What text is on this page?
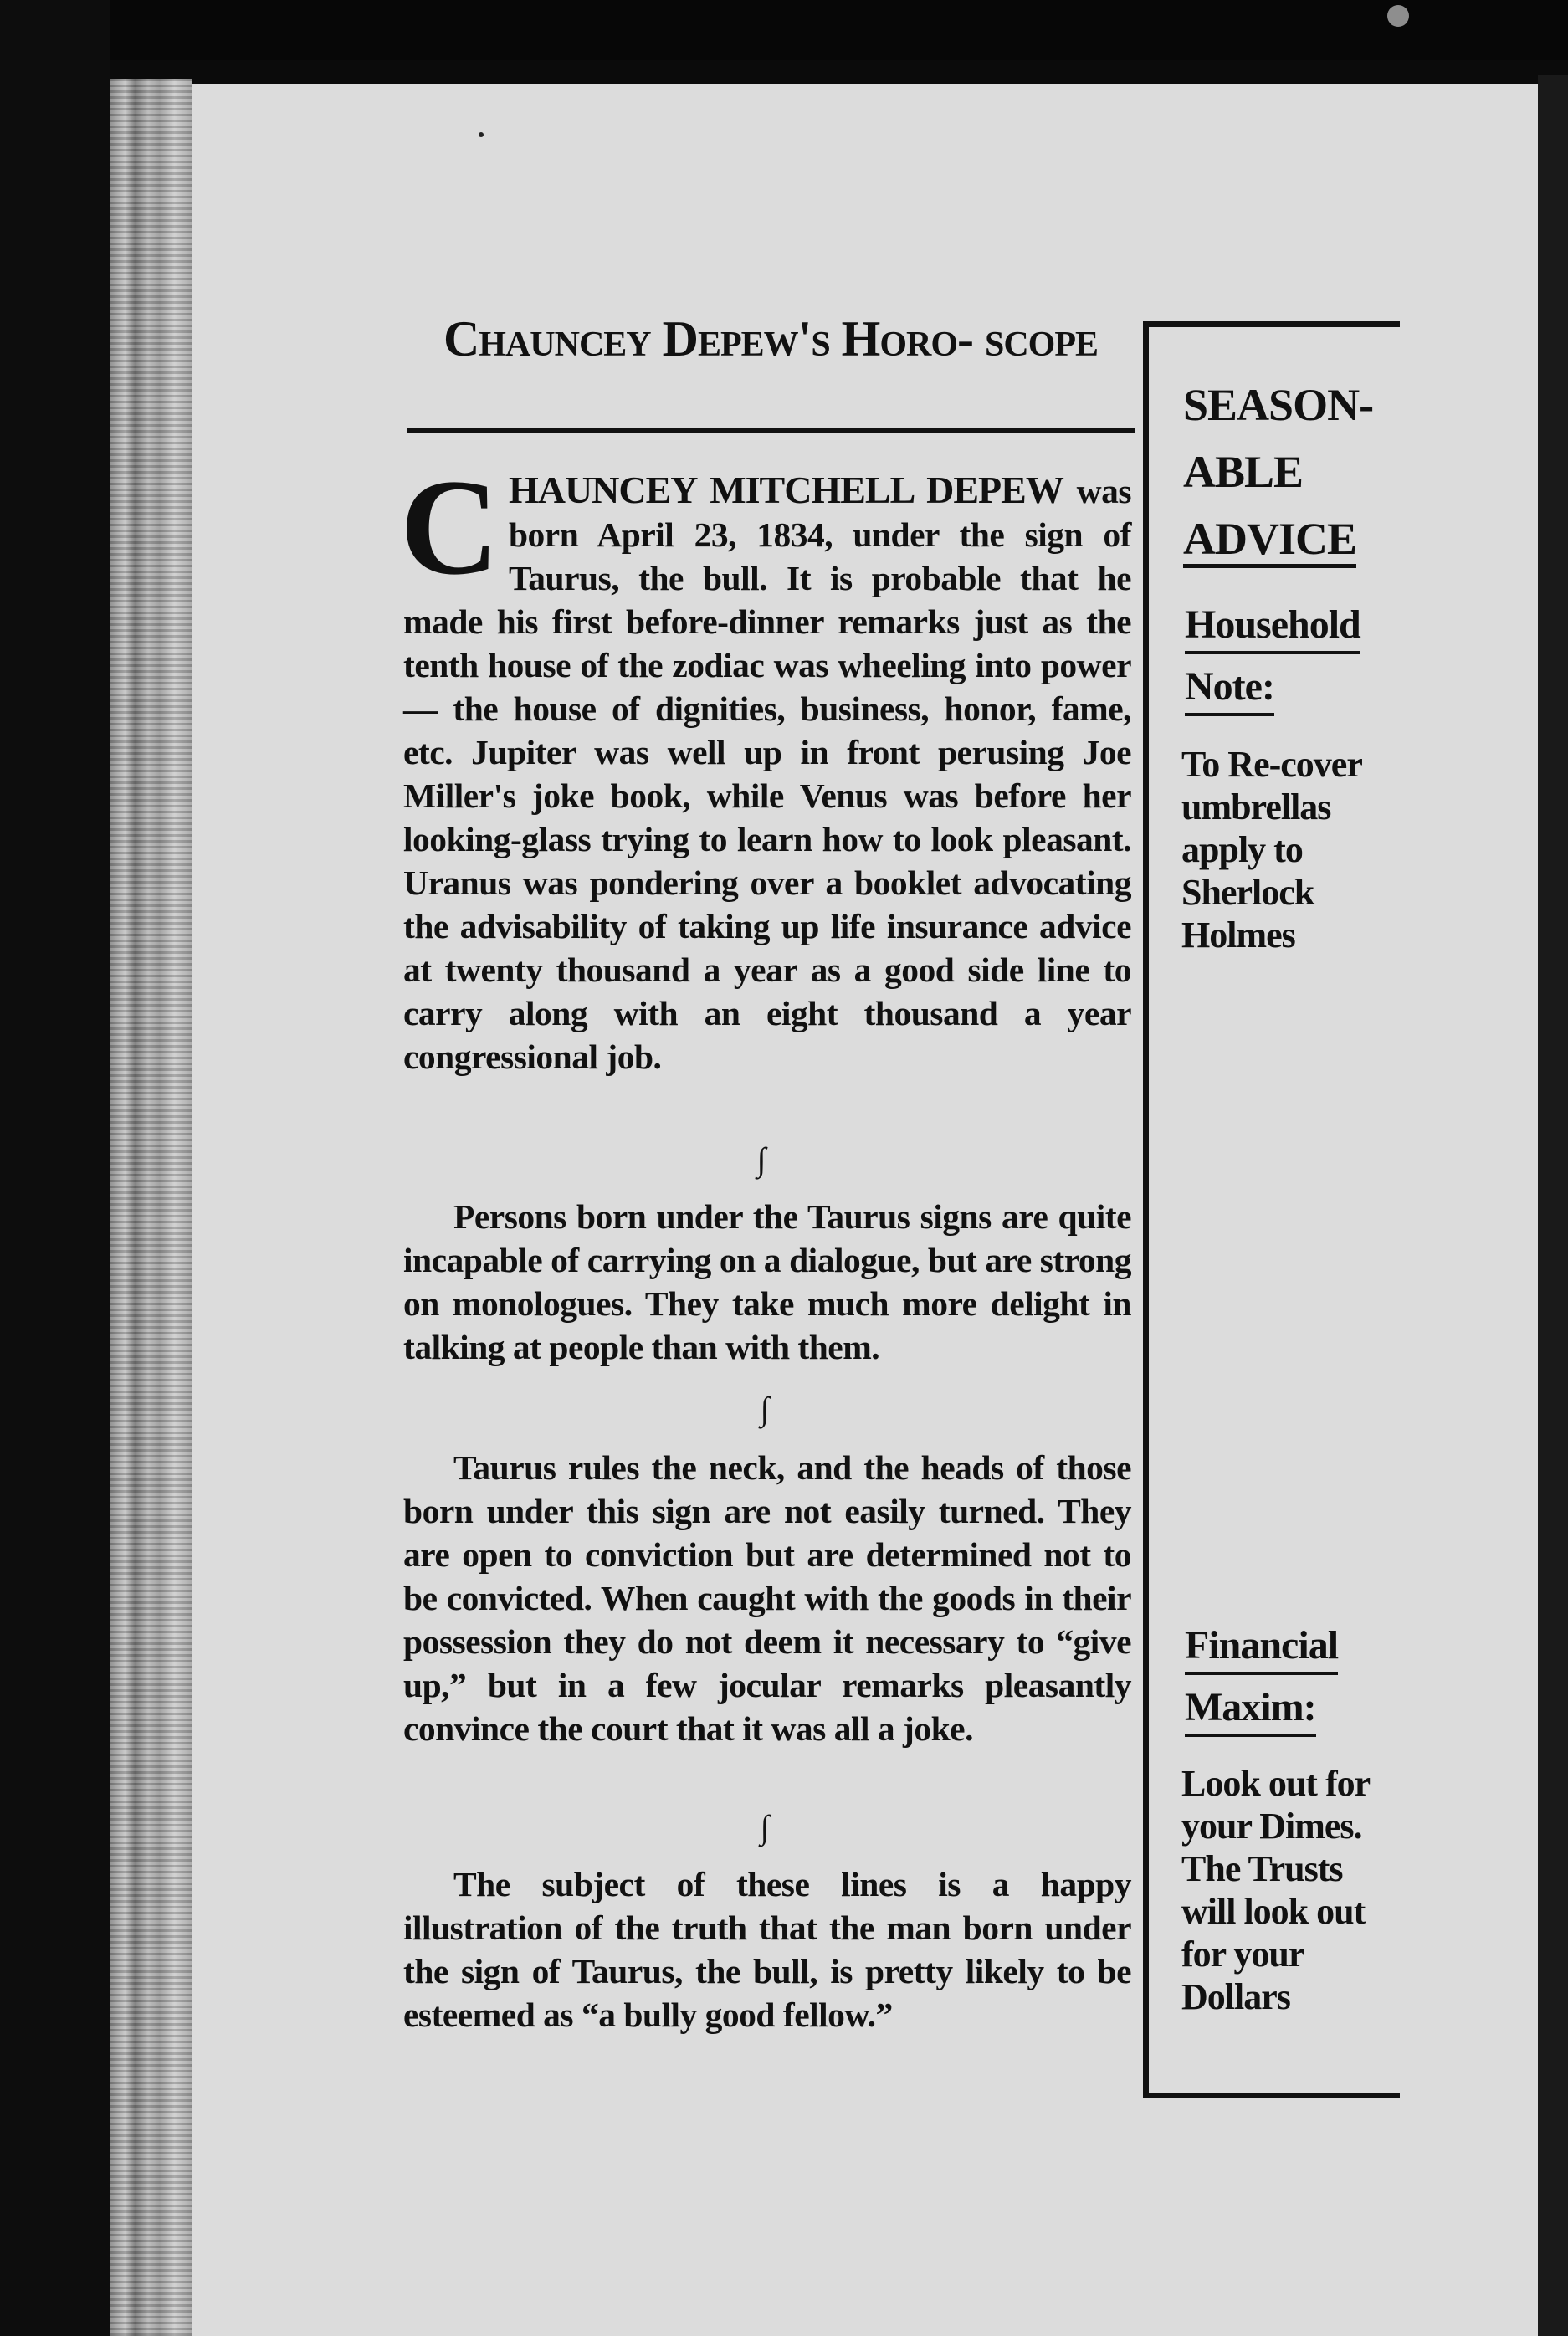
Chauncey Depew's Horo- scope

C HAUNCEY MITCHELL DEPEW was born April 23, 1834, under the sign of Taurus, the bull. It is probable that he made his first before-dinner remarks just as the tenth house of the zodiac was wheeling into power — the house of dignities, business, honor, fame, etc. Jupiter was well up in front perusing Joe Miller's joke book, while Venus was before her looking-glass trying to learn how to look pleasant. Uranus was pondering over a booklet advocating the advisability of taking up life insurance advice at twenty thousand a year as a good side line to carry along with an eight thousand a year congressional job.

∫

Persons born under the Taurus signs are quite incapable of carrying on a dialogue, but are strong on monologues. They take much more delight in talking at people than with them.

∫

Taurus rules the neck, and the heads of those born under this sign are not easily turned. They are open to conviction but are determined not to be convicted. When caught with the goods in their possession they do not deem it necessary to “give up,” but in a few jocular remarks pleasantly convince the court that it was all a joke.

∫

The subject of these lines is a happy illustration of the truth that the man born under the sign of Taurus, the bull, is pretty likely to be esteemed as “a bully good fellow.”

SEASON-
ABLE
ADVICE
Household
Note:
To Re-cover umbrellas apply to Sherlock Holmes
Financial
Maxim:
Look out for your Dimes. The Trusts will look out for your Dollars
